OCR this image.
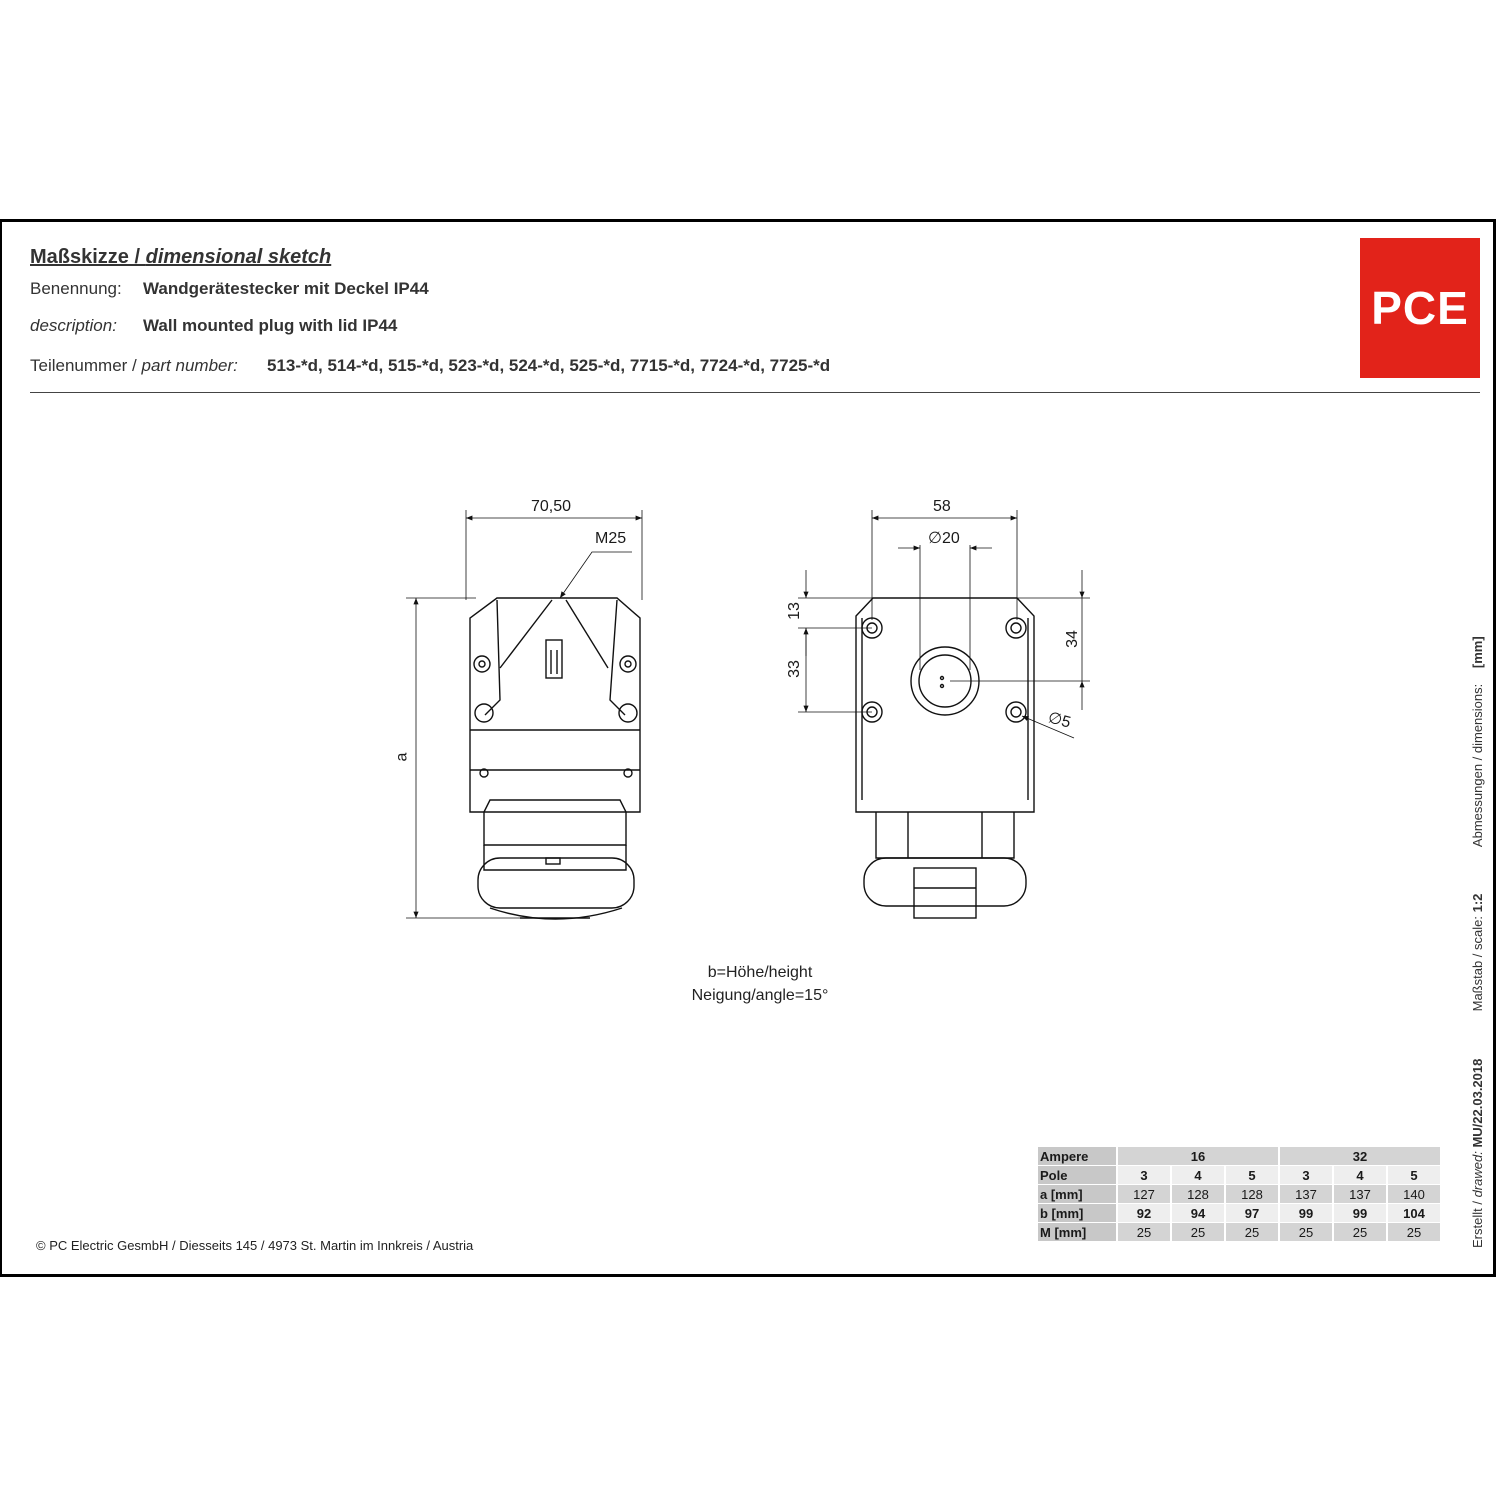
Maßskizze / dimensional sketch
Benennung: Wandgerätestecker mit Deckel IP44
description: Wall mounted plug with lid IP44
Teilenummer / part number: 513-*d, 514-*d, 515-*d, 523-*d, 524-*d, 525-*d, 7715-*d, 7724-*d, 7725-*d
PCE
70,50
M25
a
58
∅20
13
33
34
∅5
b=Höhe/height
Neigung/angle=15°
Erstellt / drawed: MU/22.03.2018  Maßstab / scale: 1:2  Abmessungen / dimensions: [mm]
Ampere	16			32		
Pole	3	4	5	3	4	5
a [mm]	127	128	128	137	137	140
b [mm]	92	94	97	99	99	104
M [mm]	25	25	25	25	25	25
© PC Electric GesmbH / Diesseits 145 / 4973 St. Martin im Innkreis / Austria
